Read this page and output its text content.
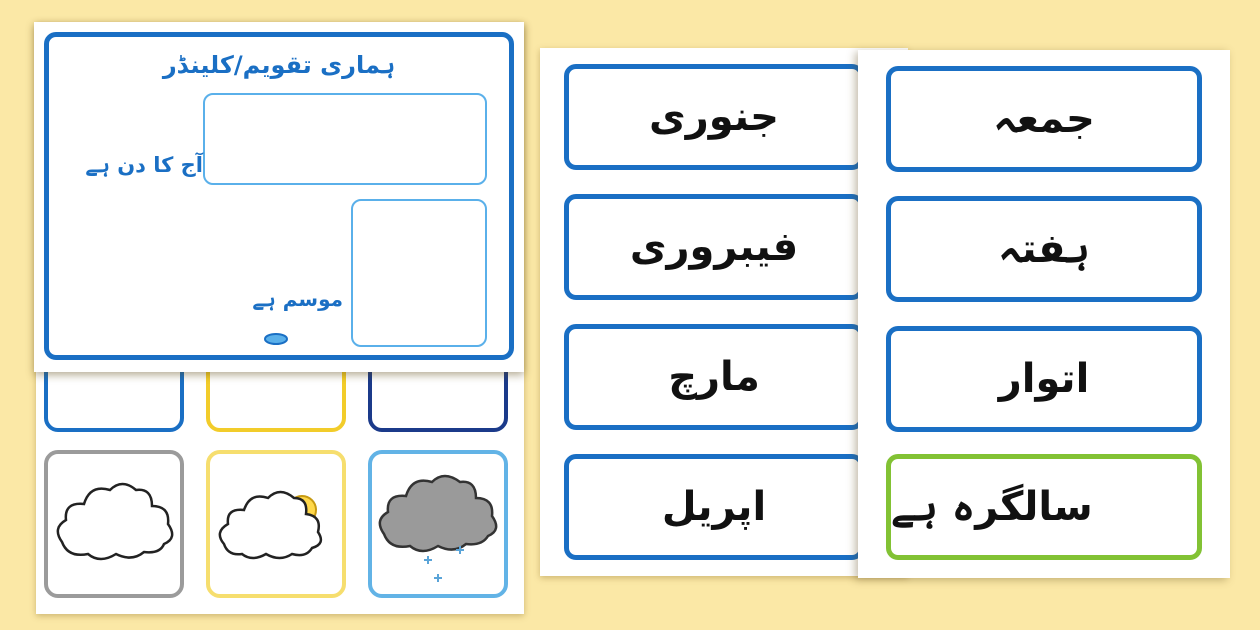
ہماری تقویم/کلینڈر
آج کا دن ہے
موسم ہے
جنوری
فیبروری
مارچ
اپریل
جمعہ
ہفتہ
اتوار
سالگرہ ہے
